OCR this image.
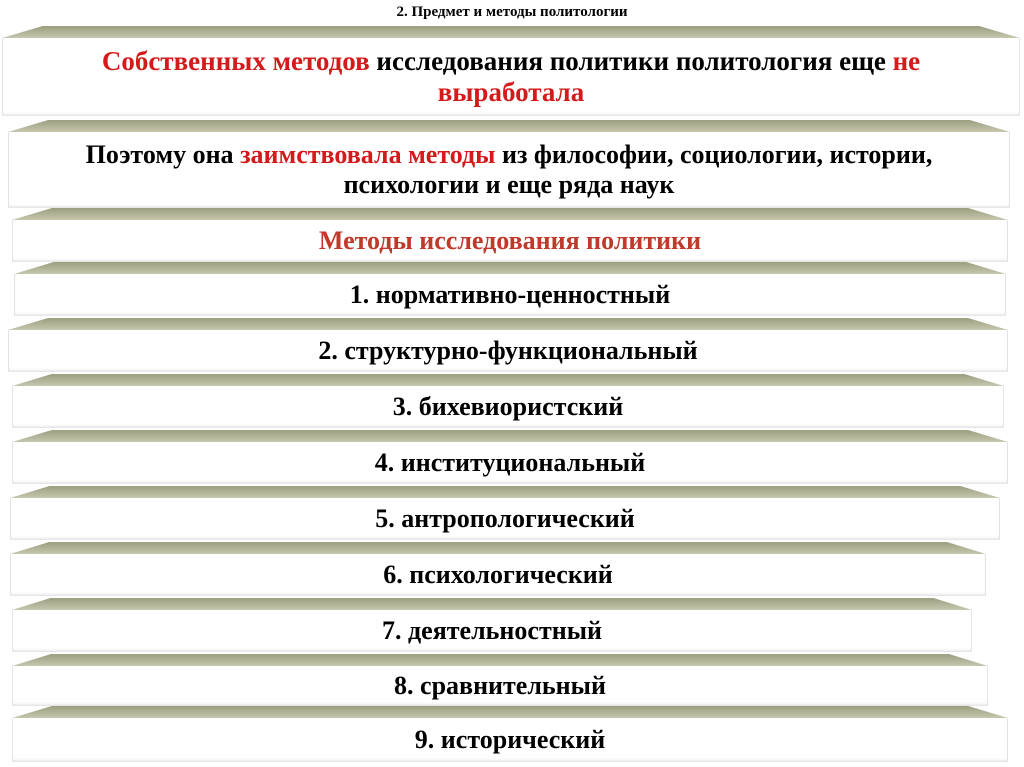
2. Предмет и методы политологии
Собственных методов исследования политики политология еще не выработала
Поэтому она заимствовала методы из философии, социологии, истории, психологии и еще ряда наук
Методы исследования политики
1. нормативно-ценностный
2. структурно-функциональный
3. бихевиористский
4. институциональный
5. антропологический
6. психологический
7. деятельностный
8. сравнительный
9. исторический
